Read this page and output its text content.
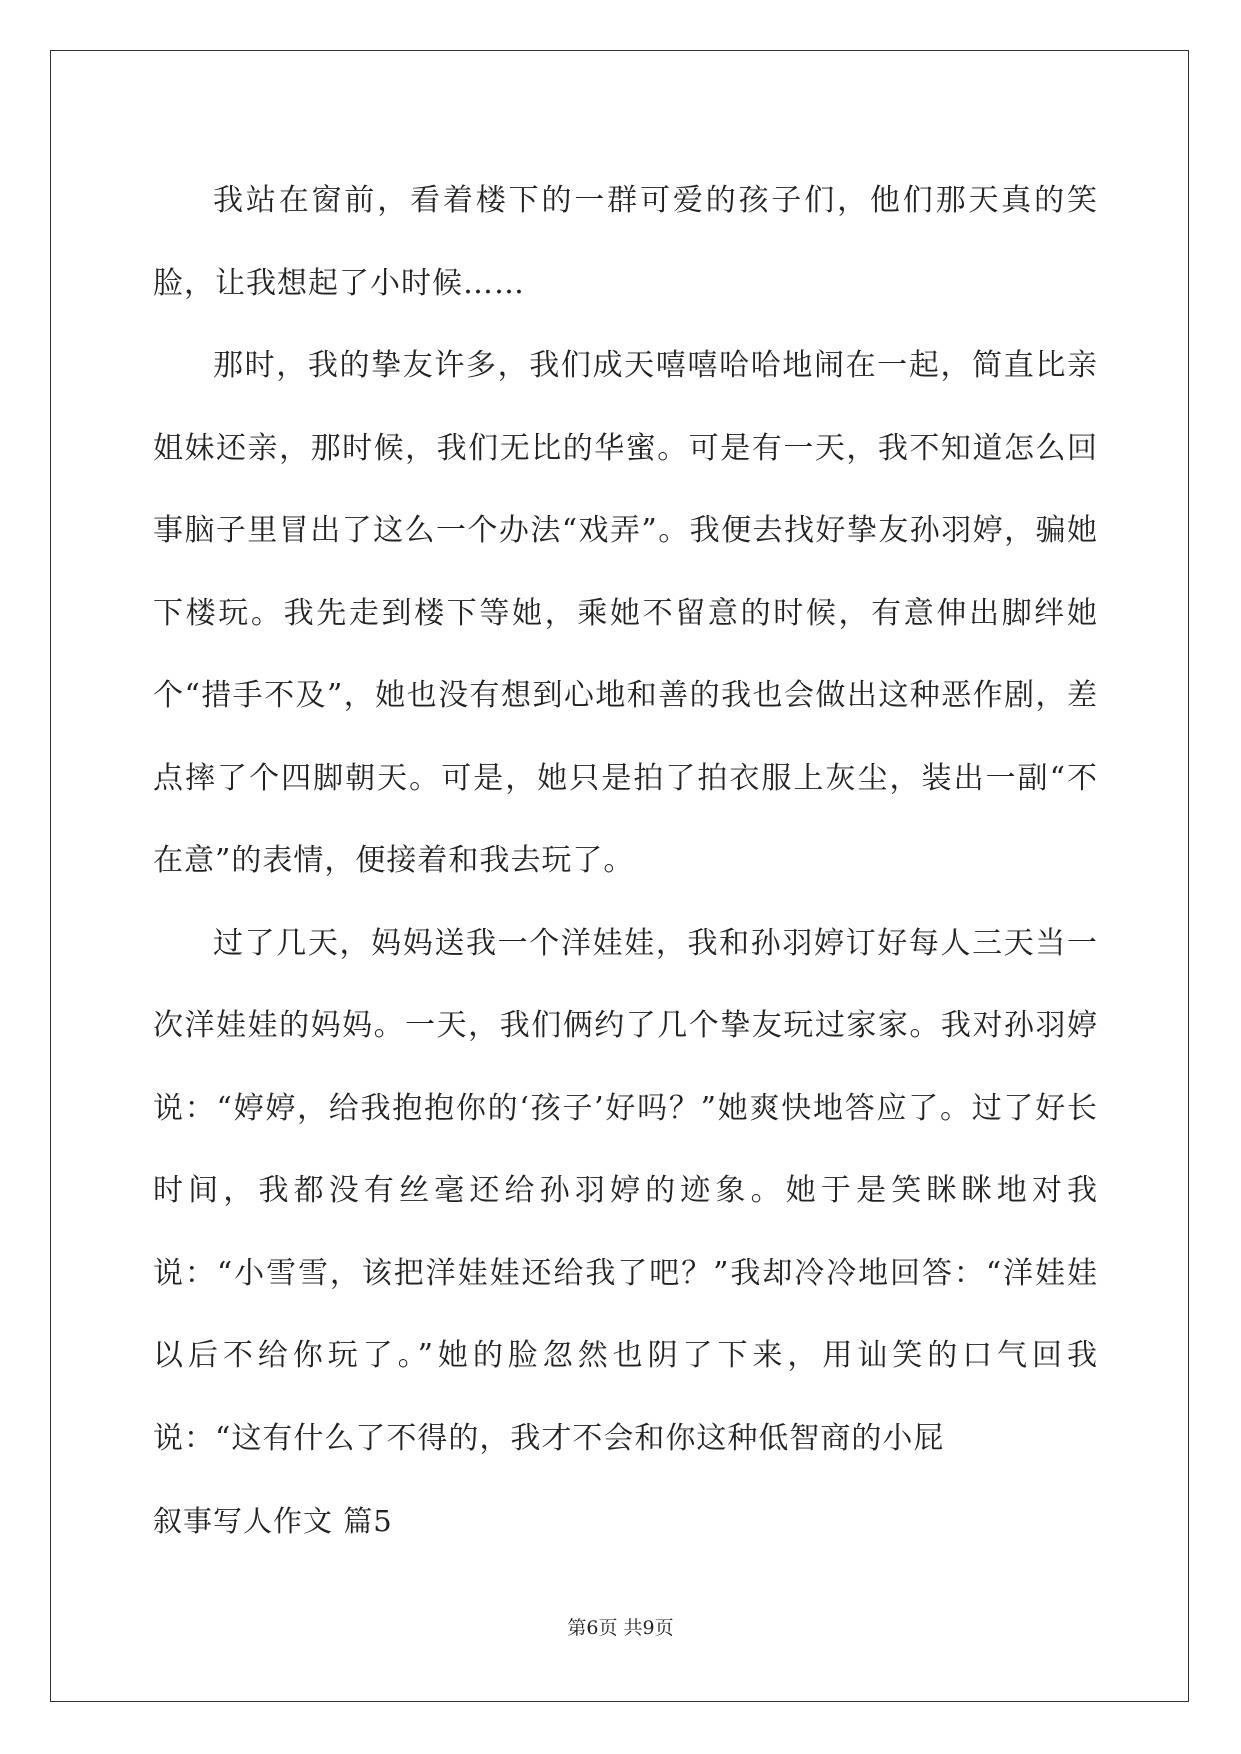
我站在窗前，看着楼下的一群可爱的孩子们，他们那天真的笑脸，让我想起了小时候……

那时，我的挚友许多，我们成天嘻嘻哈哈地闹在一起，简直比亲姐妹还亲，那时候，我们无比的华蜜。可是有一天，我不知道怎么回事脑子里冒出了这么一个办法“戏弄”。我便去找好挚友孙羽婷，骗她下楼玩。我先走到楼下等她，乘她不留意的时候，有意伸出脚绊她个“措手不及”，她也没有想到心地和善的我也会做出这种恶作剧，差点摔了个四脚朝天。可是，她只是拍了拍衣服上灰尘，装出一副“不在意”的表情，便接着和我去玩了。

过了几天，妈妈送我一个洋娃娃，我和孙羽婷订好每人三天当一次洋娃娃的妈妈。一天，我们俩约了几个挚友玩过家家。我对孙羽婷说：“婷婷，给我抱抱你的‘孩子’好吗？”她爽快地答应了。过了好长时间，我都没有丝毫还给孙羽婷的迹象。她于是笑眯眯地对我说：“小雪雪，该把洋娃娃还给我了吧？”我却冷冷地回答：“洋娃娃以后不给你玩了。”她的脸忽然也阴了下来，用讪笑的口气回我说：“这有什么了不得的，我才不会和你这种低智商的小屁

叙事写人作文 篇5

第6页 共9页
